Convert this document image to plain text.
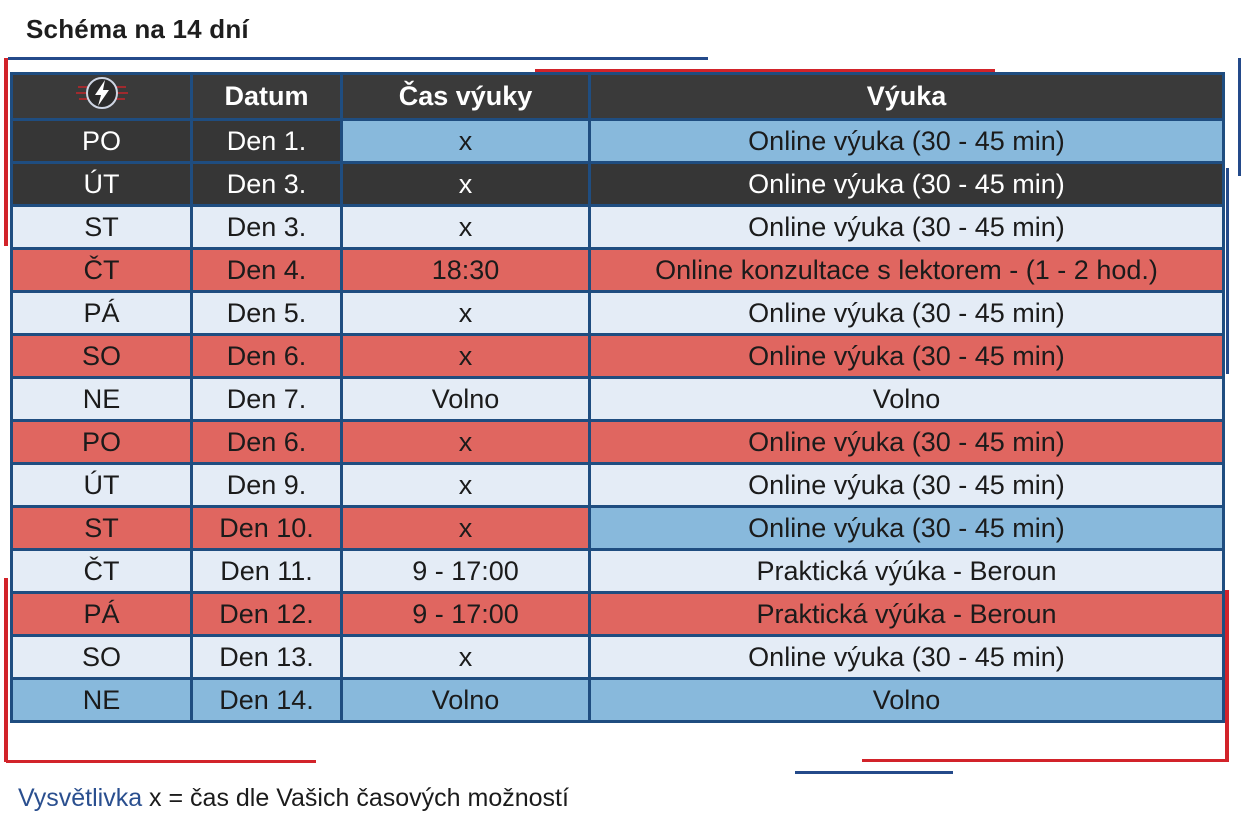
Schéma na 14 dní
	Datum	Čas výuky	Výuka
PO	Den 1.	x	Online výuka (30 - 45 min)
ÚT	Den 3.	x	Online výuka (30 - 45 min)
ST	Den 3.	x	Online výuka (30 - 45 min)
ČT	Den 4.	18:30	Online konzultace s lektorem - (1 - 2 hod.)
PÁ	Den 5.	x	Online výuka (30 - 45 min)
SO	Den 6.	x	Online výuka (30 - 45 min)
NE	Den 7.	Volno	Volno
PO	Den 6.	x	Online výuka (30 - 45 min)
ÚT	Den 9.	x	Online výuka (30 - 45 min)
ST	Den 10.	x	Online výuka (30 - 45 min)
ČT	Den 11.	9 - 17:00	Praktická výúka - Beroun
PÁ	Den 12.	9 - 17:00	Praktická výúka - Beroun
SO	Den 13.	x	Online výuka (30 - 45 min)
NE	Den 14.	Volno	Volno
Vysvětlivka x = čas dle Vašich časových možností
